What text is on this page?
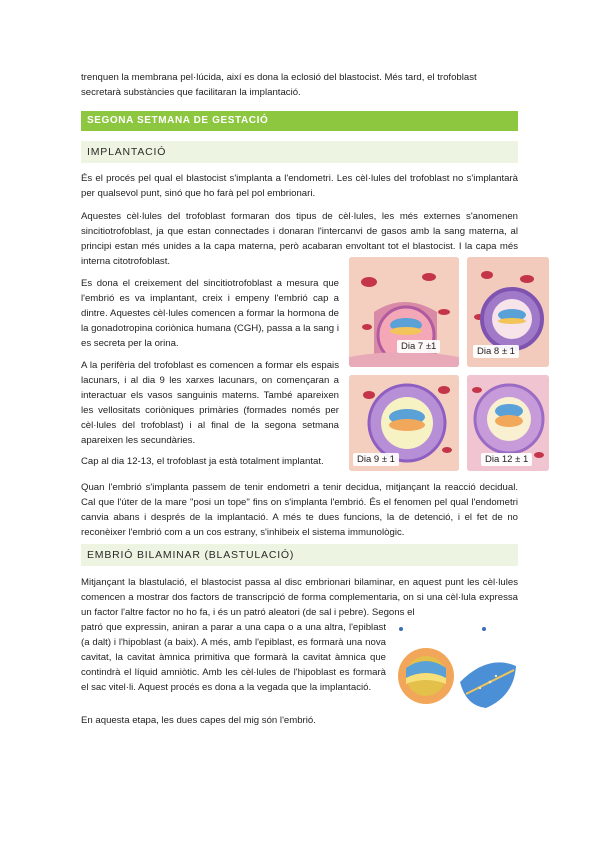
trenquen la membrana pel·lúcida, així es dona la eclosió del blastocist. Més tard, el trofoblast

secretarà substàncies que facilitaran la implantació.

SEGONA SETMANA DE GESTACIÓ
IMPLANTACIÓ

És el procés pel qual el blastocist s'implanta a l'endometri. Les cèl·lules del trofoblast no s'implantarà per qualsevol punt, sinó que ho farà pel pol embrionari.

Aquestes cèl·lules del trofoblast formaran dos tipus de cèl·lules, les més externes s'anomenen sincitiotrofoblast, ja que estan connectades i donaran l'intercanvi de gasos amb la sang materna, al principi estan més unides a la capa materna, però acabaran envoltant tot el blastocist. I la capa més interna citotrofoblast.

Es dona el creixement del sincitiotrofoblast a mesura que l'embrió es va implantant, creix i empeny l'embrió cap a dintre. Aquestes cèl·lules comencen a formar la hormona de la gonadotropina coriònica humana (CGH), passa a la sang i es secreta per la orina.

A la perifèria del trofoblast es comencen a formar els espais lacunars, i al dia 9 les xarxes lacunars, on començaran a interactuar els vasos sanguinis materns. També apareixen les vellositats coriòniques primàries (formades només per cèl·lules del trofoblast) i al final de la segona setmana apareixen les secundàries.

Cap al dia 12-13, el trofoblast ja està totalment implantat.

Dia 7 ±1	Dia 8 ± 1
Dia 9 ± 1	Dia 12 ± 1

Quan l'embrió s'implanta passem de tenir endometri a tenir decidua, mitjançant la reacció decidual. Cal que l'úter de la mare "posi un tope" fins on s'implanta l'embrió. És el fenomen pel qual l'endometri canvia abans i després de la implantació. A més te dues funcions, la de detenció, i el fet de no reconèixer l'embrió com a un cos estrany, s'inhibeix el sistema immunològic.

EMBRIÓ BILAMINAR (BLASTULACIÓ)

Mitjançant la blastulació, el blastocist passa al disc embrionari bilaminar, en aquest punt les cèl·lules comencen a mostrar dos factors de transcripció de forma complementaria, on si una cèl·lula expressa un factor l'altre factor no ho fa, i és un patró aleatori (de sal i pebre). Segons el

patró que expressin, aniran a parar a una capa o a una altra, l'epiblast (a dalt) i l'hipoblast (a baix). A més, amb l'epiblast, es formarà una nova cavitat, la cavitat àmnica primitiva que formarà la cavitat àmnica que contindrà el líquid amniòtic. Amb les cèl·lules de l'hipoblast es formarà el sac vitel·li. Aquest procés es dona a la vegada que la implantació.

En aquesta etapa, les dues capes del mig són l'embrió.
